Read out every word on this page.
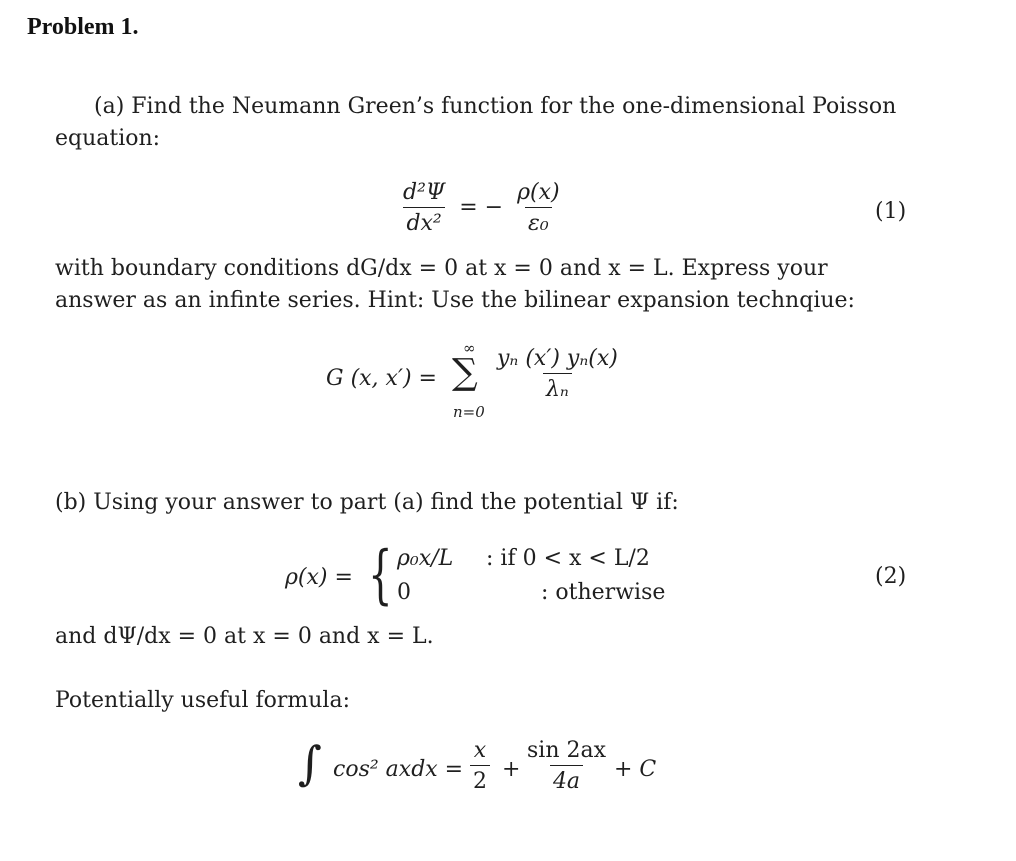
Problem 1.
(a) Find the Neumann Green’s function for the one-dimensional Poisson
equation:
$\frac{\text{d²Ψ}}{\text{dx²}}$ = − $\frac{\rho(x)}{\text{ε₀}}$	(1)
with boundary conditions dG/dx = 0 at x = 0 and x = L. Express your
answer as an infinte series. Hint: Use the bilinear expansion technqiue:
G (x, x′) =
∞
∑
n=0
$\frac{\text{yₙ (x′) yₙ(x)}}{\text{λₙ}}$
(b) Using your answer to part (a) find the potential Ψ if:
ρ(x) = { ρ₀x/L : if 0 < x < L/2
0	: otherwise
(2)
and dΨ/dx = 0 at x = 0 and x = L.
Potentially useful formula:
∫ cos² axdx = $\frac{x}{2} + \frac{\sin 2ax}{4a} + C$
